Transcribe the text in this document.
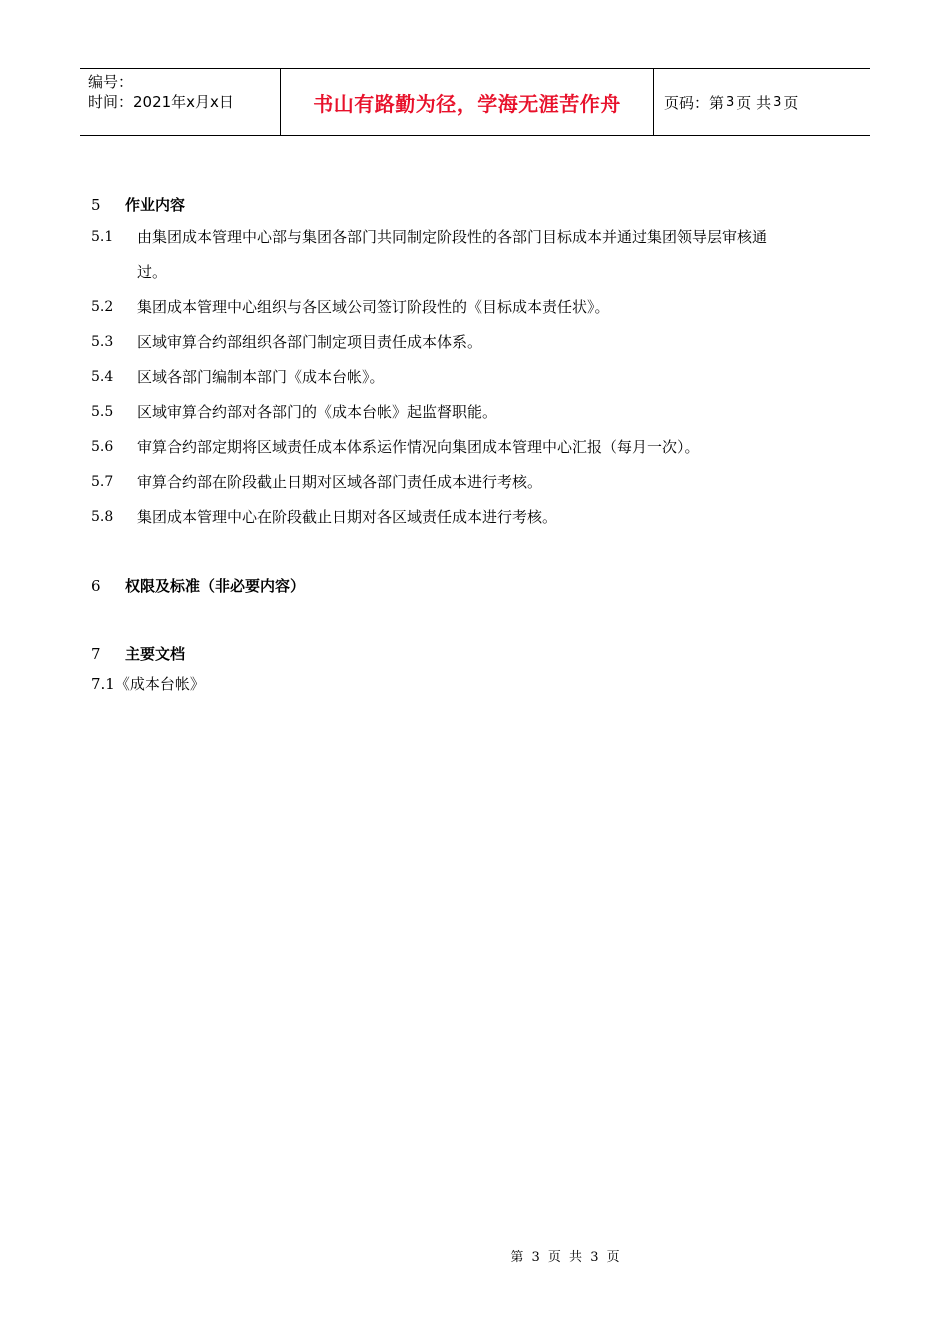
编号：
时间：2021年x月x日	书山有路勤为径，学海无涯苦作舟	页码：第 3 页 共 3 页
5	作业内容
5.1	由集团成本管理中心部与集团各部门共同制定阶段性的各部门目标成本并通过集团领导层审核通
过。
5.2	集团成本管理中心组织与各区域公司签订阶段性的《目标成本责任状》。
5.3	区域审算合约部组织各部门制定项目责任成本体系。
5.4	区域各部门编制本部门《成本台帐》。
5.5	区域审算合约部对各部门的《成本台帐》起监督职能。
5.6	审算合约部定期将区域责任成本体系运作情况向集团成本管理中心汇报（每月一次）。
5.7	审算合约部在阶段截止日期对区域各部门责任成本进行考核。
5.8	集团成本管理中心在阶段截止日期对各区域责任成本进行考核。
6	权限及标准（非必要内容）
7	主要文档
7.1《成本台帐》
第 3 页 共 3 页
